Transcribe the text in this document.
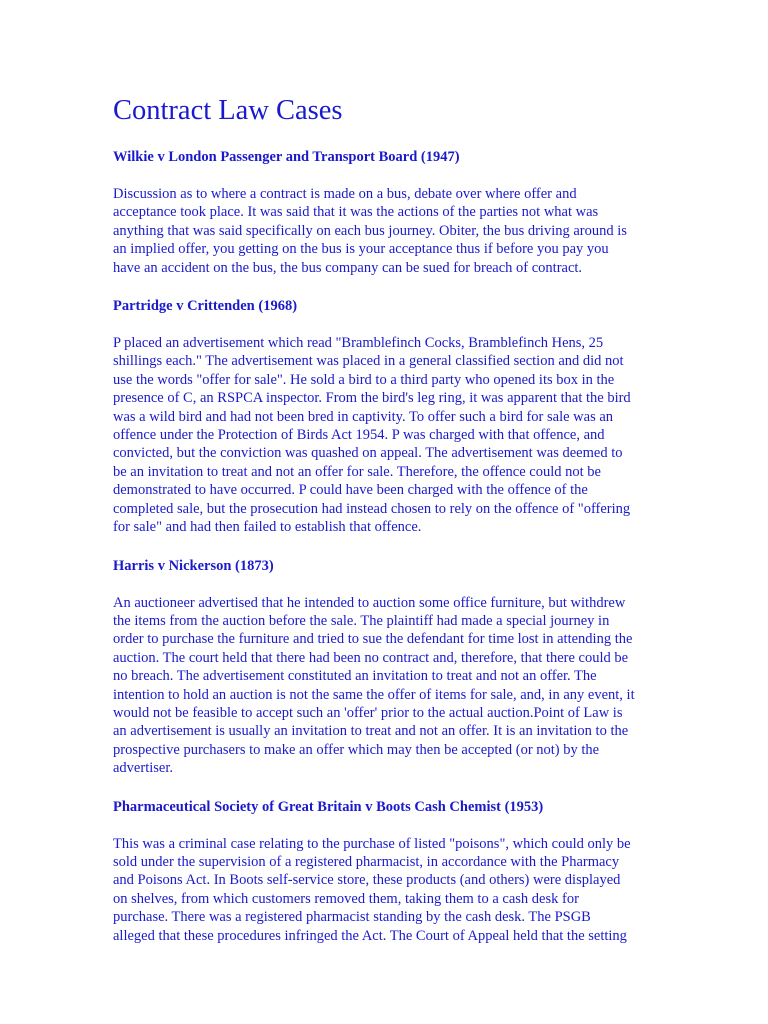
Contract Law Cases
Wilkie v London Passenger and Transport Board (1947)

Discussion as to where a contract is made on a bus, debate over where offer and
acceptance took place. It was said that it was the actions of the parties not what was
anything that was said specifically on each bus journey. Obiter, the bus driving around is
an implied offer, you getting on the bus is your acceptance thus if before you pay you
have an accident on the bus, the bus company can be sued for breach of contract.

Partridge v Crittenden (1968)

P placed an advertisement which read "Bramblefinch Cocks, Bramblefinch Hens, 25
shillings each." The advertisement was placed in a general classified section and did not
use the words "offer for sale". He sold a bird to a third party who opened its box in the
presence of C, an RSPCA inspector. From the bird's leg ring, it was apparent that the bird
was a wild bird and had not been bred in captivity. To offer such a bird for sale was an
offence under the Protection of Birds Act 1954. P was charged with that offence, and
convicted, but the conviction was quashed on appeal. The advertisement was deemed to
be an invitation to treat and not an offer for sale. Therefore, the offence could not be
demonstrated to have occurred. P could have been charged with the offence of the
completed sale, but the prosecution had instead chosen to rely on the offence of "offering
for sale" and had then failed to establish that offence.

Harris v Nickerson (1873)

An auctioneer advertised that he intended to auction some office furniture, but withdrew
the items from the auction before the sale. The plaintiff had made a special journey in
order to purchase the furniture and tried to sue the defendant for time lost in attending the
auction. The court held that there had been no contract and, therefore, that there could be
no breach. The advertisement constituted an invitation to treat and not an offer. The
intention to hold an auction is not the same the offer of items for sale, and, in any event, it
would not be feasible to accept such an 'offer' prior to the actual auction.Point of Law is
an advertisement is usually an invitation to treat and not an offer. It is an invitation to the
prospective purchasers to make an offer which may then be accepted (or not) by the
advertiser.

Pharmaceutical Society of Great Britain v Boots Cash Chemist (1953)

This was a criminal case relating to the purchase of listed "poisons", which could only be
sold under the supervision of a registered pharmacist, in accordance with the Pharmacy
and Poisons Act. In Boots self-service store, these products (and others) were displayed
on shelves, from which customers removed them, taking them to a cash desk for
purchase. There was a registered pharmacist standing by the cash desk. The PSGB
alleged that these procedures infringed the Act. The Court of Appeal held that the setting
